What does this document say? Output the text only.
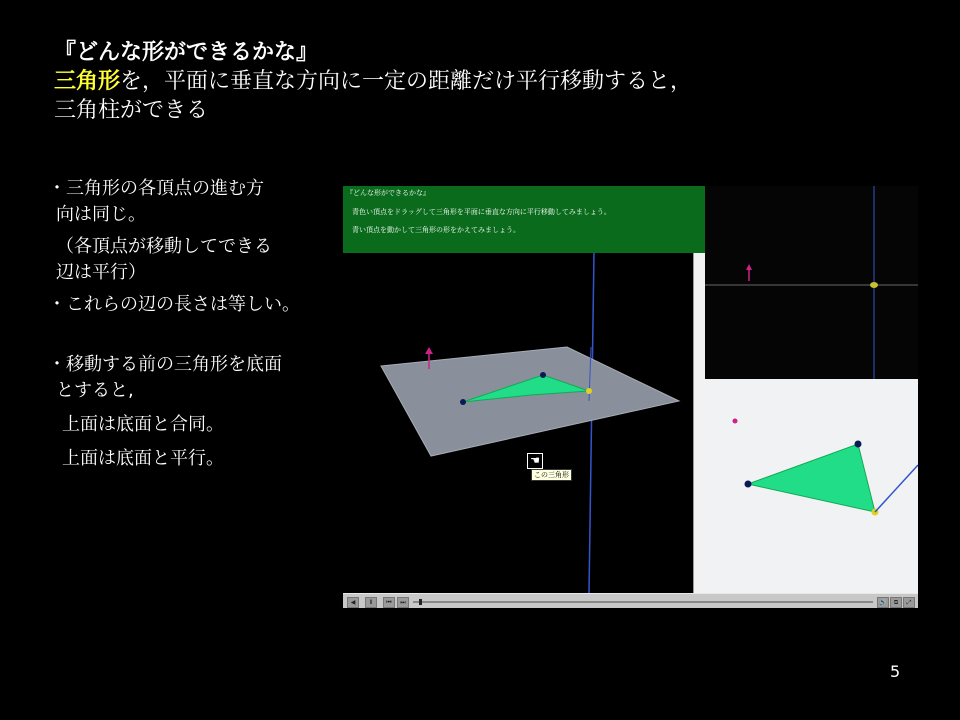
『どんな形ができるかな』
三角形を，平面に垂直な方向に一定の距離だけ平行移動すると，
三角柱ができる
・三角形の各頂点の進む方
向は同じ。
（各頂点が移動してできる
辺は平行）
・これらの辺の長さは等しい。
・移動する前の三角形を底面
とすると,
上面は底面と合同。
上面は底面と平行。
『どんな形ができるかな』
青色い頂点をドラッグして三角形を平面に垂直な方向に平行移動してみましょう。
青い頂点を動かして三角形の形をかえてみましょう。
☚
この三角形
◀	Ⅱ	⏮	⏭	🔊	⧉	⤢
5
